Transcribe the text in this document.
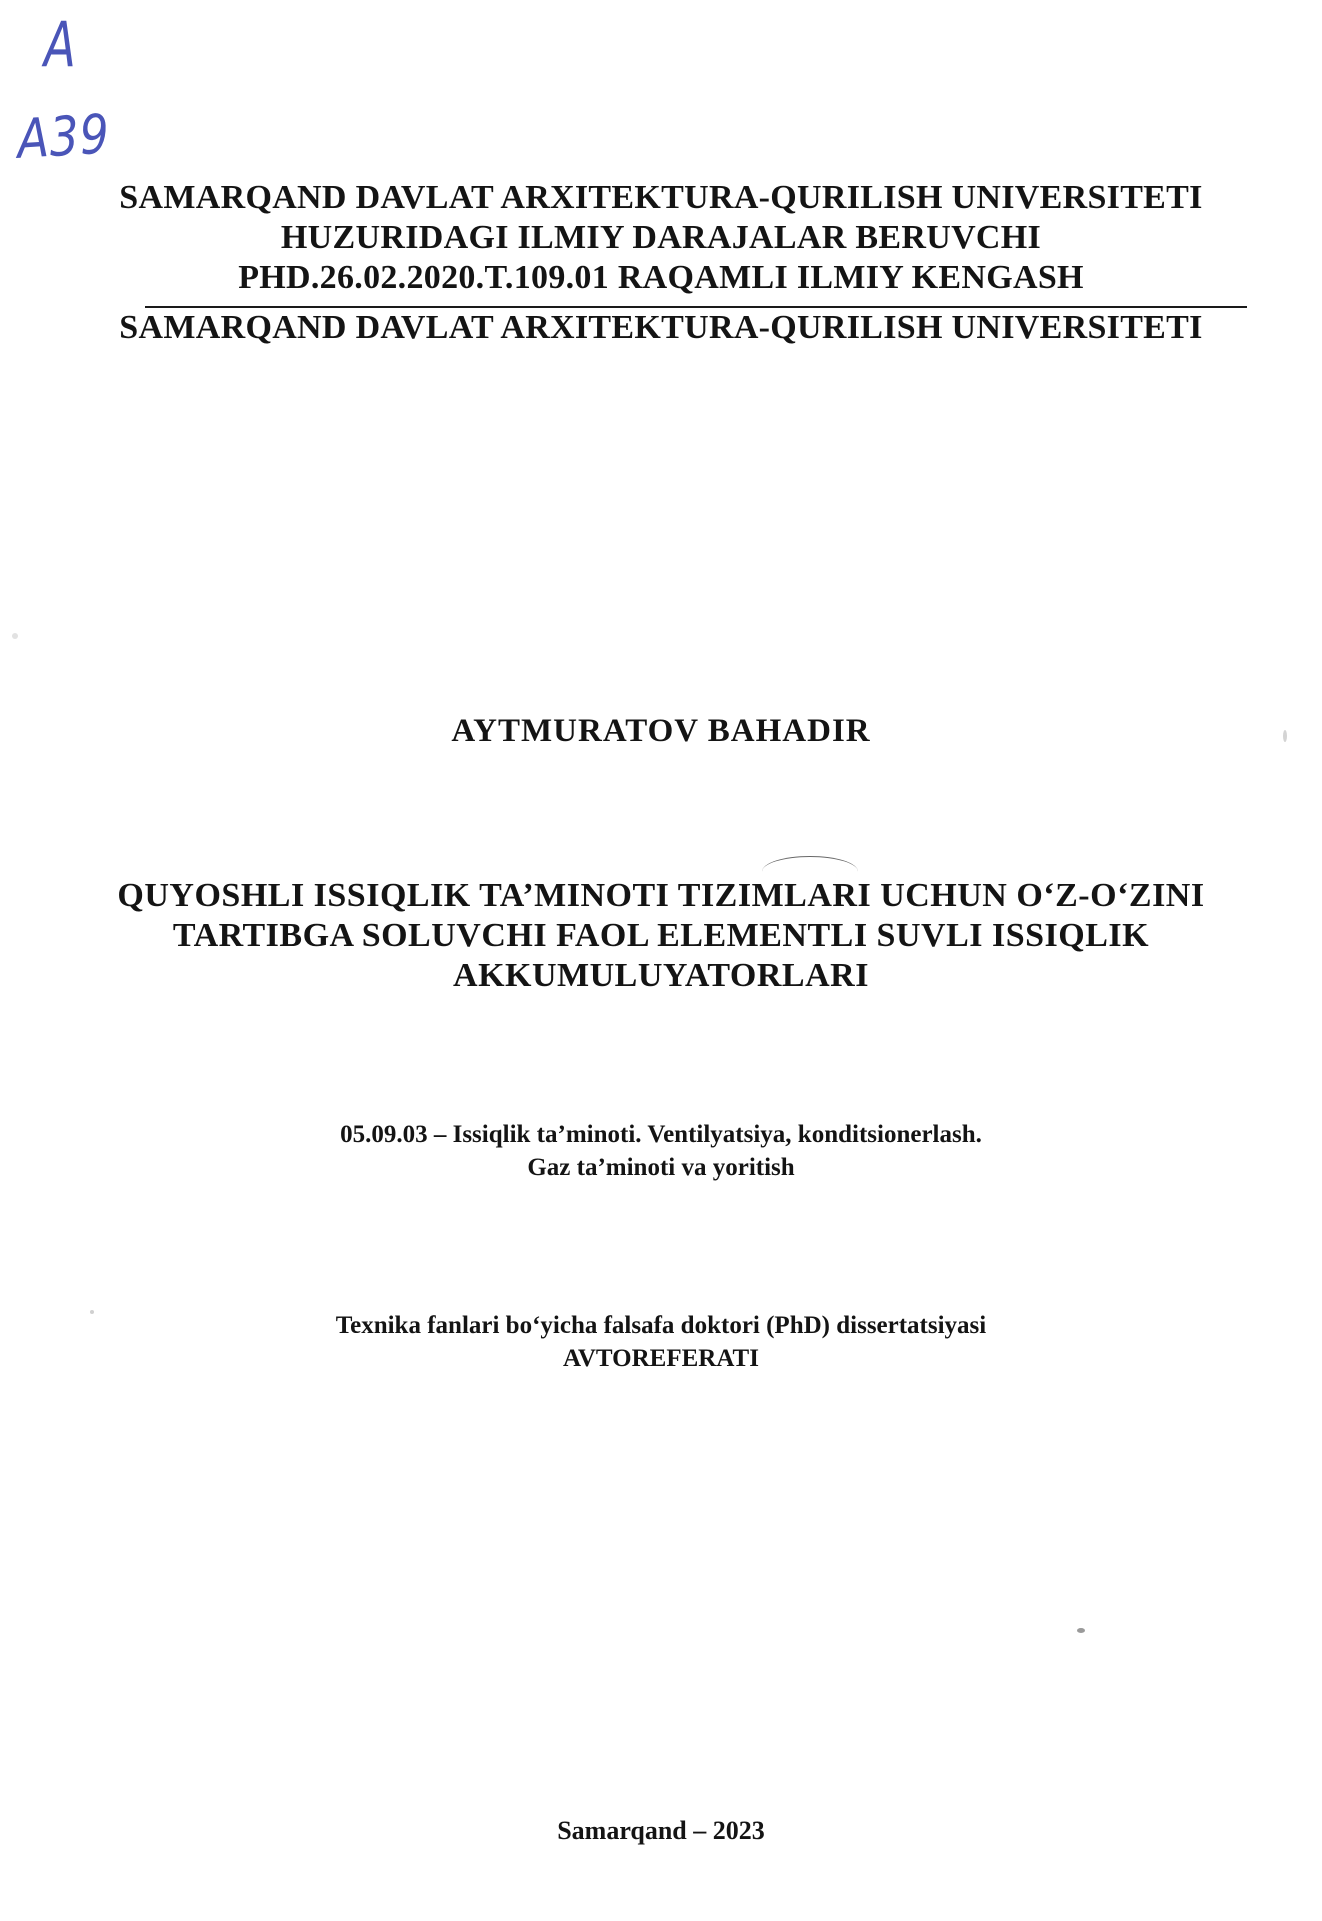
A
A39
SAMARQAND DAVLAT ARXITEKTURA-QURILISH UNIVERSITETI
HUZURIDAGI ILMIY DARAJALAR BERUVCHI
PHD.26.02.2020.T.109.01 RAQAMLI ILMIY KENGASH
SAMARQAND DAVLAT ARXITEKTURA-QURILISH UNIVERSITETI
AYTMURATOV BAHADIR
QUYOSHLI ISSIQLIK TA’MINOTI TIZIMLARI UCHUN O‘Z-O‘ZINI
TARTIBGA SOLUVCHI FAOL ELEMENTLI SUVLI ISSIQLIK
AKKUMULUYATORLARI
05.09.03 – Issiqlik ta’minoti. Ventilyatsiya, konditsionerlash.
Gaz ta’minoti va yoritish
Texnika fanlari bo‘yicha falsafa doktori (PhD) dissertatsiyasi
AVTOREFERATI
Samarqand – 2023
